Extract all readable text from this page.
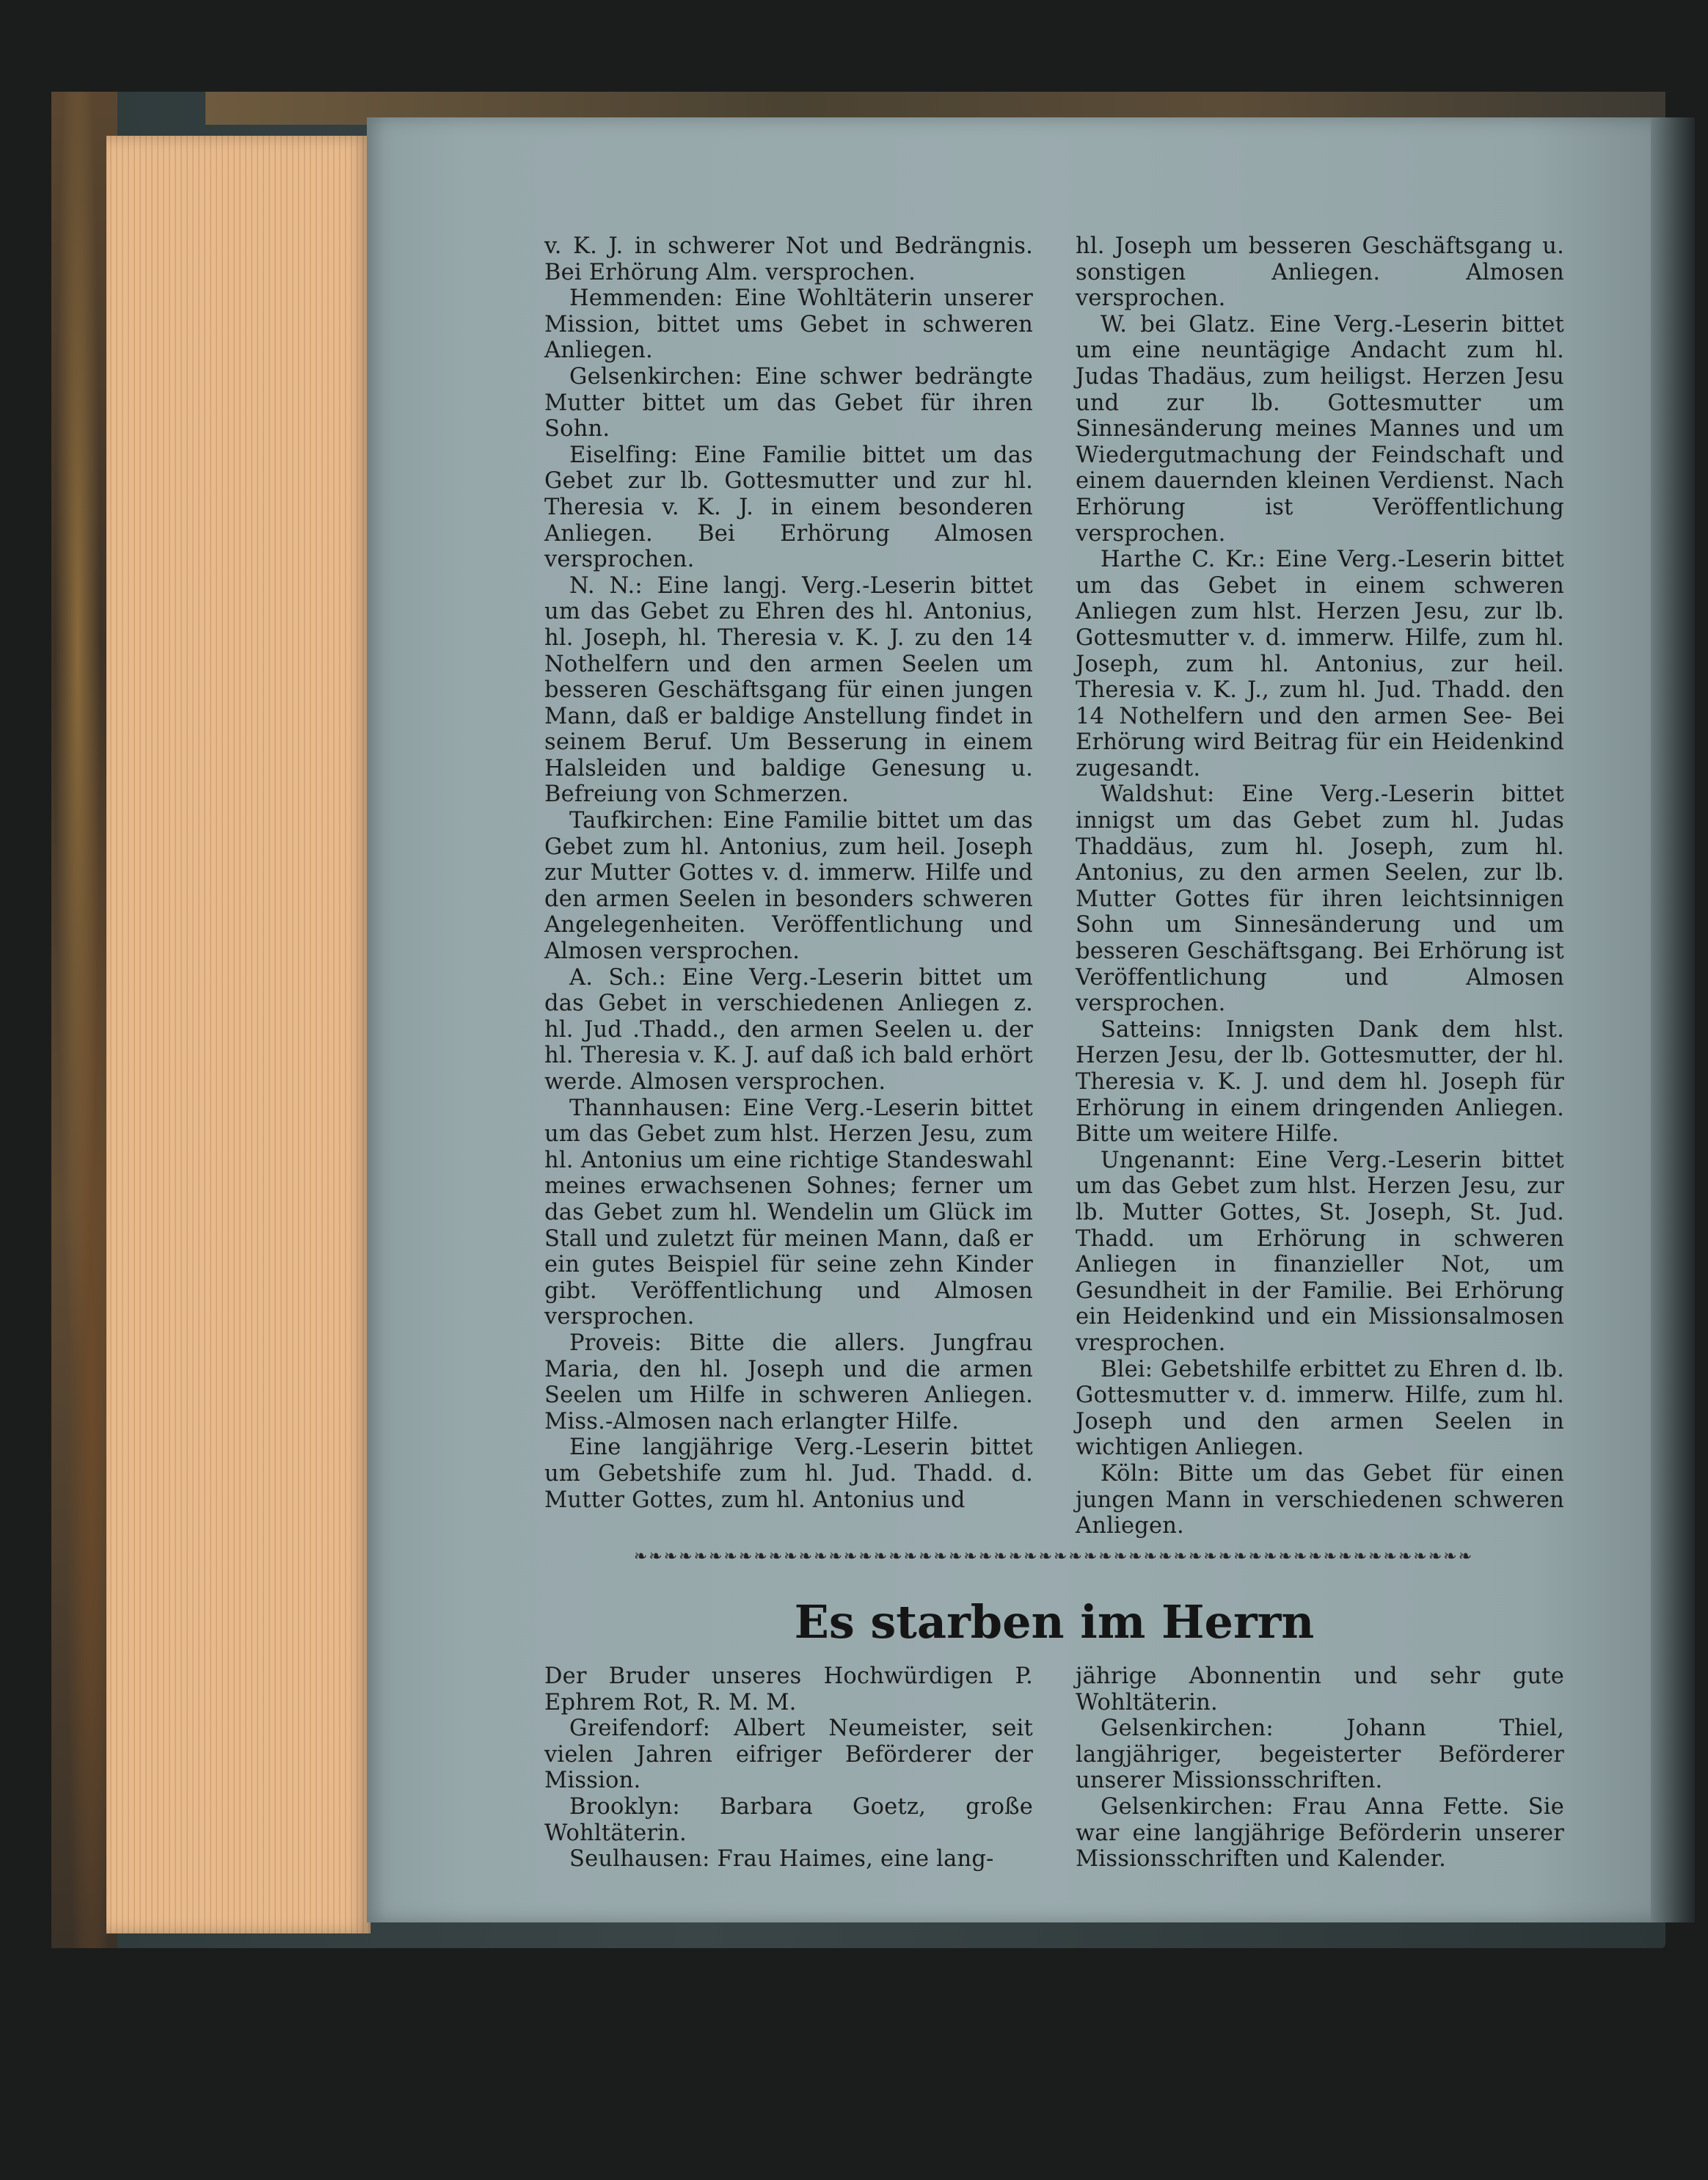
v. K. J. in schwerer Not und Bedrängnis. Bei Erhörung Alm. versprochen.

Hemmenden: Eine Wohltäterin unserer Mission, bittet ums Gebet in schweren Anliegen.

Gelsenkirchen: Eine schwer bedrängte Mutter bittet um das Gebet für ihren Sohn.

Eiselfing: Eine Familie bittet um das Gebet zur lb. Gottesmutter und zur hl. Theresia v. K. J. in einem besonderen Anliegen. Bei Erhörung Almosen versprochen.

N. N.: Eine langj. Verg.-Leserin bittet um das Gebet zu Ehren des hl. Antonius, hl. Joseph, hl. Theresia v. K. J. zu den 14 Nothelfern und den armen Seelen um besseren Geschäftsgang für einen jungen Mann, daß er baldige Anstellung findet in seinem Beruf. Um Besserung in einem Halsleiden und baldige Genesung u. Befreiung von Schmerzen.

Taufkirchen: Eine Familie bittet um das Gebet zum hl. Antonius, zum heil. Joseph zur Mutter Gottes v. d. immerw. Hilfe und den armen Seelen in besonders schweren Angelegenheiten. Veröffentlichung und Almosen versprochen.

A. Sch.: Eine Verg.-Leserin bittet um das Gebet in verschiedenen Anliegen z. hl. Jud .Thadd., den armen Seelen u. der hl. Theresia v. K. J. auf daß ich bald erhört werde. Almosen versprochen.

Thannhausen: Eine Verg.-Leserin bittet um das Gebet zum hlst. Herzen Jesu, zum hl. Antonius um eine richtige Standeswahl meines erwachsenen Sohnes; ferner um das Gebet zum hl. Wendelin um Glück im Stall und zuletzt für meinen Mann, daß er ein gutes Beispiel für seine zehn Kinder gibt. Veröffentlichung und Almosen versprochen.

Proveis: Bitte die allers. Jungfrau Maria, den hl. Joseph und die armen Seelen um Hilfe in schweren Anliegen. Miss.-Almosen nach erlangter Hilfe.

Eine langjährige Verg.-Leserin bittet um Gebetshife zum hl. Jud. Thadd. d. Mutter Gottes, zum hl. Antonius und

hl. Joseph um besseren Geschäftsgang u. sonstigen Anliegen. Almosen versprochen.

W. bei Glatz. Eine Verg.-Leserin bittet um eine neuntägige Andacht zum hl. Judas Thadäus, zum heiligst. Herzen Jesu und zur lb. Gottesmutter um Sinnesänderung meines Mannes und um Wiedergutmachung der Feindschaft und einem dauernden kleinen Verdienst. Nach Erhörung ist Veröffentlichung versprochen.

Harthe C. Kr.: Eine Verg.-Leserin bittet um das Gebet in einem schweren Anliegen zum hlst. Herzen Jesu, zur lb. Gottesmutter v. d. immerw. Hilfe, zum hl. Joseph, zum hl. Antonius, zur heil. Theresia v. K. J., zum hl. Jud. Thadd. den 14 Nothelfern und den armen See- Bei Erhörung wird Beitrag für ein Heidenkind zugesandt.

Waldshut: Eine Verg.-Leserin bittet innigst um das Gebet zum hl. Judas Thaddäus, zum hl. Joseph, zum hl. Antonius, zu den armen Seelen, zur lb. Mutter Gottes für ihren leichtsinnigen Sohn um Sinnesänderung und um besseren Geschäftsgang. Bei Erhörung ist Veröffentlichung und Almosen versprochen.

Satteins: Innigsten Dank dem hlst. Herzen Jesu, der lb. Gottesmutter, der hl. Theresia v. K. J. und dem hl. Joseph für Erhörung in einem dringenden Anliegen. Bitte um weitere Hilfe.

Ungenannt: Eine Verg.-Leserin bittet um das Gebet zum hlst. Herzen Jesu, zur lb. Mutter Gottes, St. Joseph, St. Jud. Thadd. um Erhörung in schweren Anliegen in finanzieller Not, um Gesundheit in der Familie. Bei Erhörung ein Heidenkind und ein Missionsalmosen vresprochen.

Blei: Gebetshilfe erbittet zu Ehren d. lb. Gottesmutter v. d. immerw. Hilfe, zum hl. Joseph und den armen Seelen in wichtigen Anliegen.

Köln: Bitte um das Gebet für einen jungen Mann in verschiedenen schweren Anliegen.

❧❧❧❧❧❧❧❧❧❧❧❧❧❧❧❧❧❧❧❧❧❧❧❧❧❧❧❧❧❧❧❧❧❧❧❧❧❧❧❧❧❧❧❧❧❧❧❧❧❧❧❧❧❧❧❧
Es starben im Herrn

Der Bruder unseres Hochwürdigen P. Ephrem Rot, R. M. M.

Greifendorf: Albert Neumeister, seit vielen Jahren eifriger Beförderer der Mission.

Brooklyn: Barbara Goetz, große Wohltäterin.

Seulhausen: Frau Haimes, eine lang-

jährige Abonnentin und sehr gute Wohltäterin.

Gelsenkirchen: Johann Thiel, langjähriger, begeisterter Beförderer unserer Missionsschriften.

Gelsenkirchen: Frau Anna Fette. Sie war eine langjährige Beförderin unserer Missionsschriften und Kalender.
